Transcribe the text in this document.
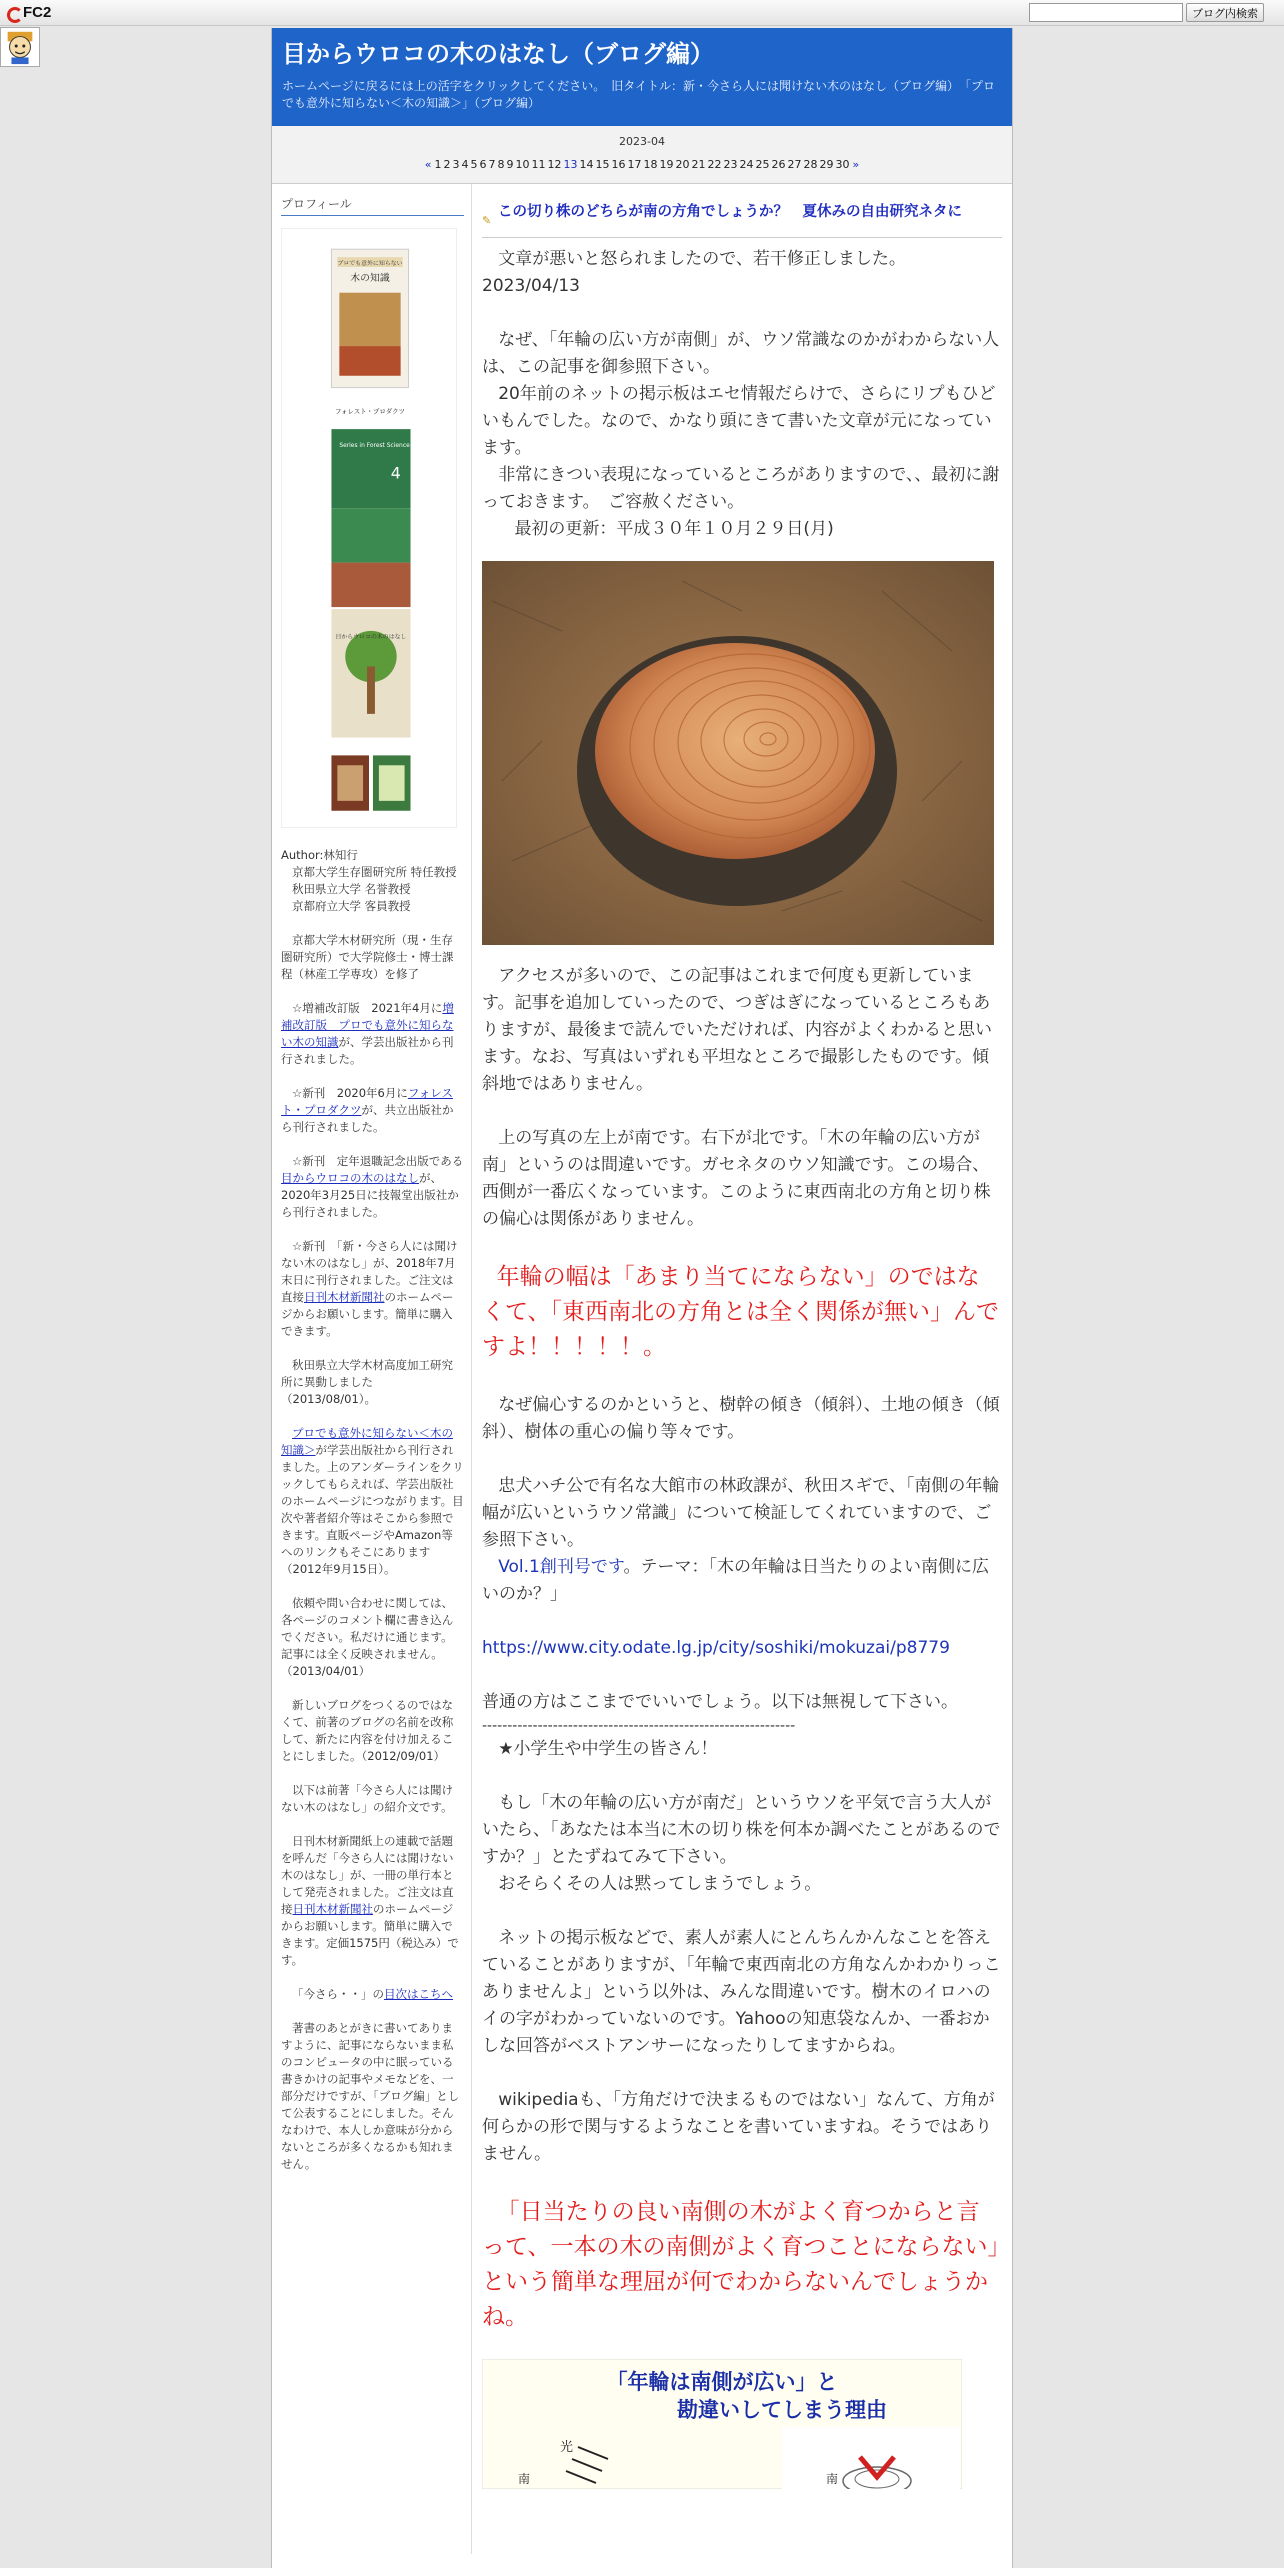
FC2	ブログ内検索
目からウロコの木のはなし（ブログ編）
ホームページに戻るには上の活字をクリックしてください。　旧タイトル：新・今さら人には聞けない木のはなし（ブログ編）　「プロでも意外に知らない＜木の知識＞」（ブログ編）
2023-04
« 1 2 3 4 5 6 7 8 9 10 11 12 13 14 15 16 17 18 19 20 21 22 23 24 25 26 27 28 29 30 »
プロフィール
プロでも意外に知らない
木の知識
フォレスト・プロダクツ
Series in Forest Science
4
目からウロコの木のはなし

Author:林知行
京都大学生存圏研究所 特任教授
秋田県立大学 名誉教授
京都府立大学 客員教授

京都大学木材研究所（現・生存圏研究所）で大学院修士・博士課程（林産工学専攻）を修了

☆増補改訂版　2021年4月に増補改訂版　プロでも意外に知らない木の知識が、学芸出版社から刊行されました。

☆新刊　2020年6月にフォレスト・プロダクツが、共立出版社から刊行されました。

☆新刊　定年退職記念出版である目からウロコの木のはなしが、2020年3月25日に技報堂出版社から刊行されました。

☆新刊　「新・今さら人には聞けない木のはなし」が、2018年7月末日に刊行されました。ご注文は直接日刊木材新聞社のホームページからお願いします。簡単に購入できます。

秋田県立大学木材高度加工研究所に異動しました（2013/08/01）。

プロでも意外に知らない＜木の知識＞が学芸出版社から刊行されました。上のアンダーラインをクリックしてもらえれば、学芸出版社のホームページにつながります。目次や著者紹介等はそこから参照できます。直販ページやAmazon等へのリンクもそこにあります（2012年9月15日）。

依頼や問い合わせに関しては、各ページのコメント欄に書き込んでください。私だけに通じます。記事には全く反映されません。（2013/04/01）

新しいブログをつくるのではなくて、前著のブログの名前を改称して、新たに内容を付け加えることにしました。（2012/09/01）

以下は前著「今さら人には聞けない木のはなし」の紹介文です。

日刊木材新聞紙上の連載で話題を呼んだ「今さら人には聞けない木のはなし」が、一冊の単行本として発売されました。ご注文は直接日刊木材新聞社のホームページからお願いします。簡単に購入できます。定価1575円（税込み）です。

「今さら・・」の目次はこちへ

著書のあとがきに書いてありますように、記事にならないまま私のコンピュータの中に眠っている書きかけの記事やメモなどを、一部分だけですが、「ブログ編」として公表することにしました。そんなわけで、本人しか意味が分からないところが多くなるかも知れません。

✎
この切り株のどちらが南の方角でしょうか？　夏休みの自由研究ネタに
文章が悪いと怒られましたので、若干修正しました。
2023/04/13
なぜ、「年輪の広い方が南側」が、ウソ常識なのかがわからない人は、この記事を御参照下さい。
20年前のネットの掲示板はエセ情報だらけで、さらにリプもひどいもんでした。なので、かなり頭にきて書いた文章が元になっています。
非常にきつい表現になっているところがありますので、、最初に謝っておきます。　ご容赦ください。
最初の更新：平成３０年１０月２９日(月)
アクセスが多いので、この記事はこれまで何度も更新しています。記事を追加していったので、つぎはぎになっているところもありますが、最後まで読んでいただければ、内容がよくわかると思います。なお、写真はいずれも平坦なところで撮影したものです。傾斜地ではありません。
上の写真の左上が南です。右下が北です。「木の年輪の広い方が南」というのは間違いです。ガセネタのウソ知識です。この場合、西側が一番広くなっています。このように東西南北の方角と切り株の偏心は関係がありません。
年輪の幅は「あまり当てにならない」のではなくて、「東西南北の方角とは全く関係が無い」んですよ！！！！！。
なぜ偏心するのかというと、樹幹の傾き（傾斜）、土地の傾き（傾斜）、樹体の重心の偏り等々です。
忠犬ハチ公で有名な大館市の林政課が、秋田スギで、「南側の年輪幅が広いというウソ常識」について検証してくれていますので、ご参照下さい。
Vol.1創刊号です。テーマ：「木の年輪は日当たりのよい南側に広いのか？」
https://www.city.odate.lg.jp/city/soshiki/mokuzai/p8779
普通の方はここまででいいでしょう。以下は無視して下さい。
--------------------------------------------------------------
★小学生や中学生の皆さん！
もし「木の年輪の広い方が南だ」というウソを平気で言う大人がいたら、「あなたは本当に木の切り株を何本か調べたことがあるのですか？」とたずねてみて下さい。
おそらくその人は黙ってしまうでしょう。
ネットの掲示板などで、素人が素人にとんちんかんなことを答えていることがありますが、「年輪で東西南北の方角なんかわかりっこありませんよ」という以外は、みんな間違いです。樹木のイロハのイの字がわかっていないのです。Yahooの知恵袋なんか、一番おかしな回答がベストアンサーになったりしてますからね。
wikipediaも、「方角だけで決まるものではない」なんて、方角が何らかの形で関与するようなことを書いていますね。そうではありません。
「日当たりの良い南側の木がよく育つからと言って、一本の木の南側がよく育つことにならない」という簡単な理屈が何でわからないんでしょうかね。
「年輪は南側が広い」と
勘違いしてしまう理由
光
南	南
